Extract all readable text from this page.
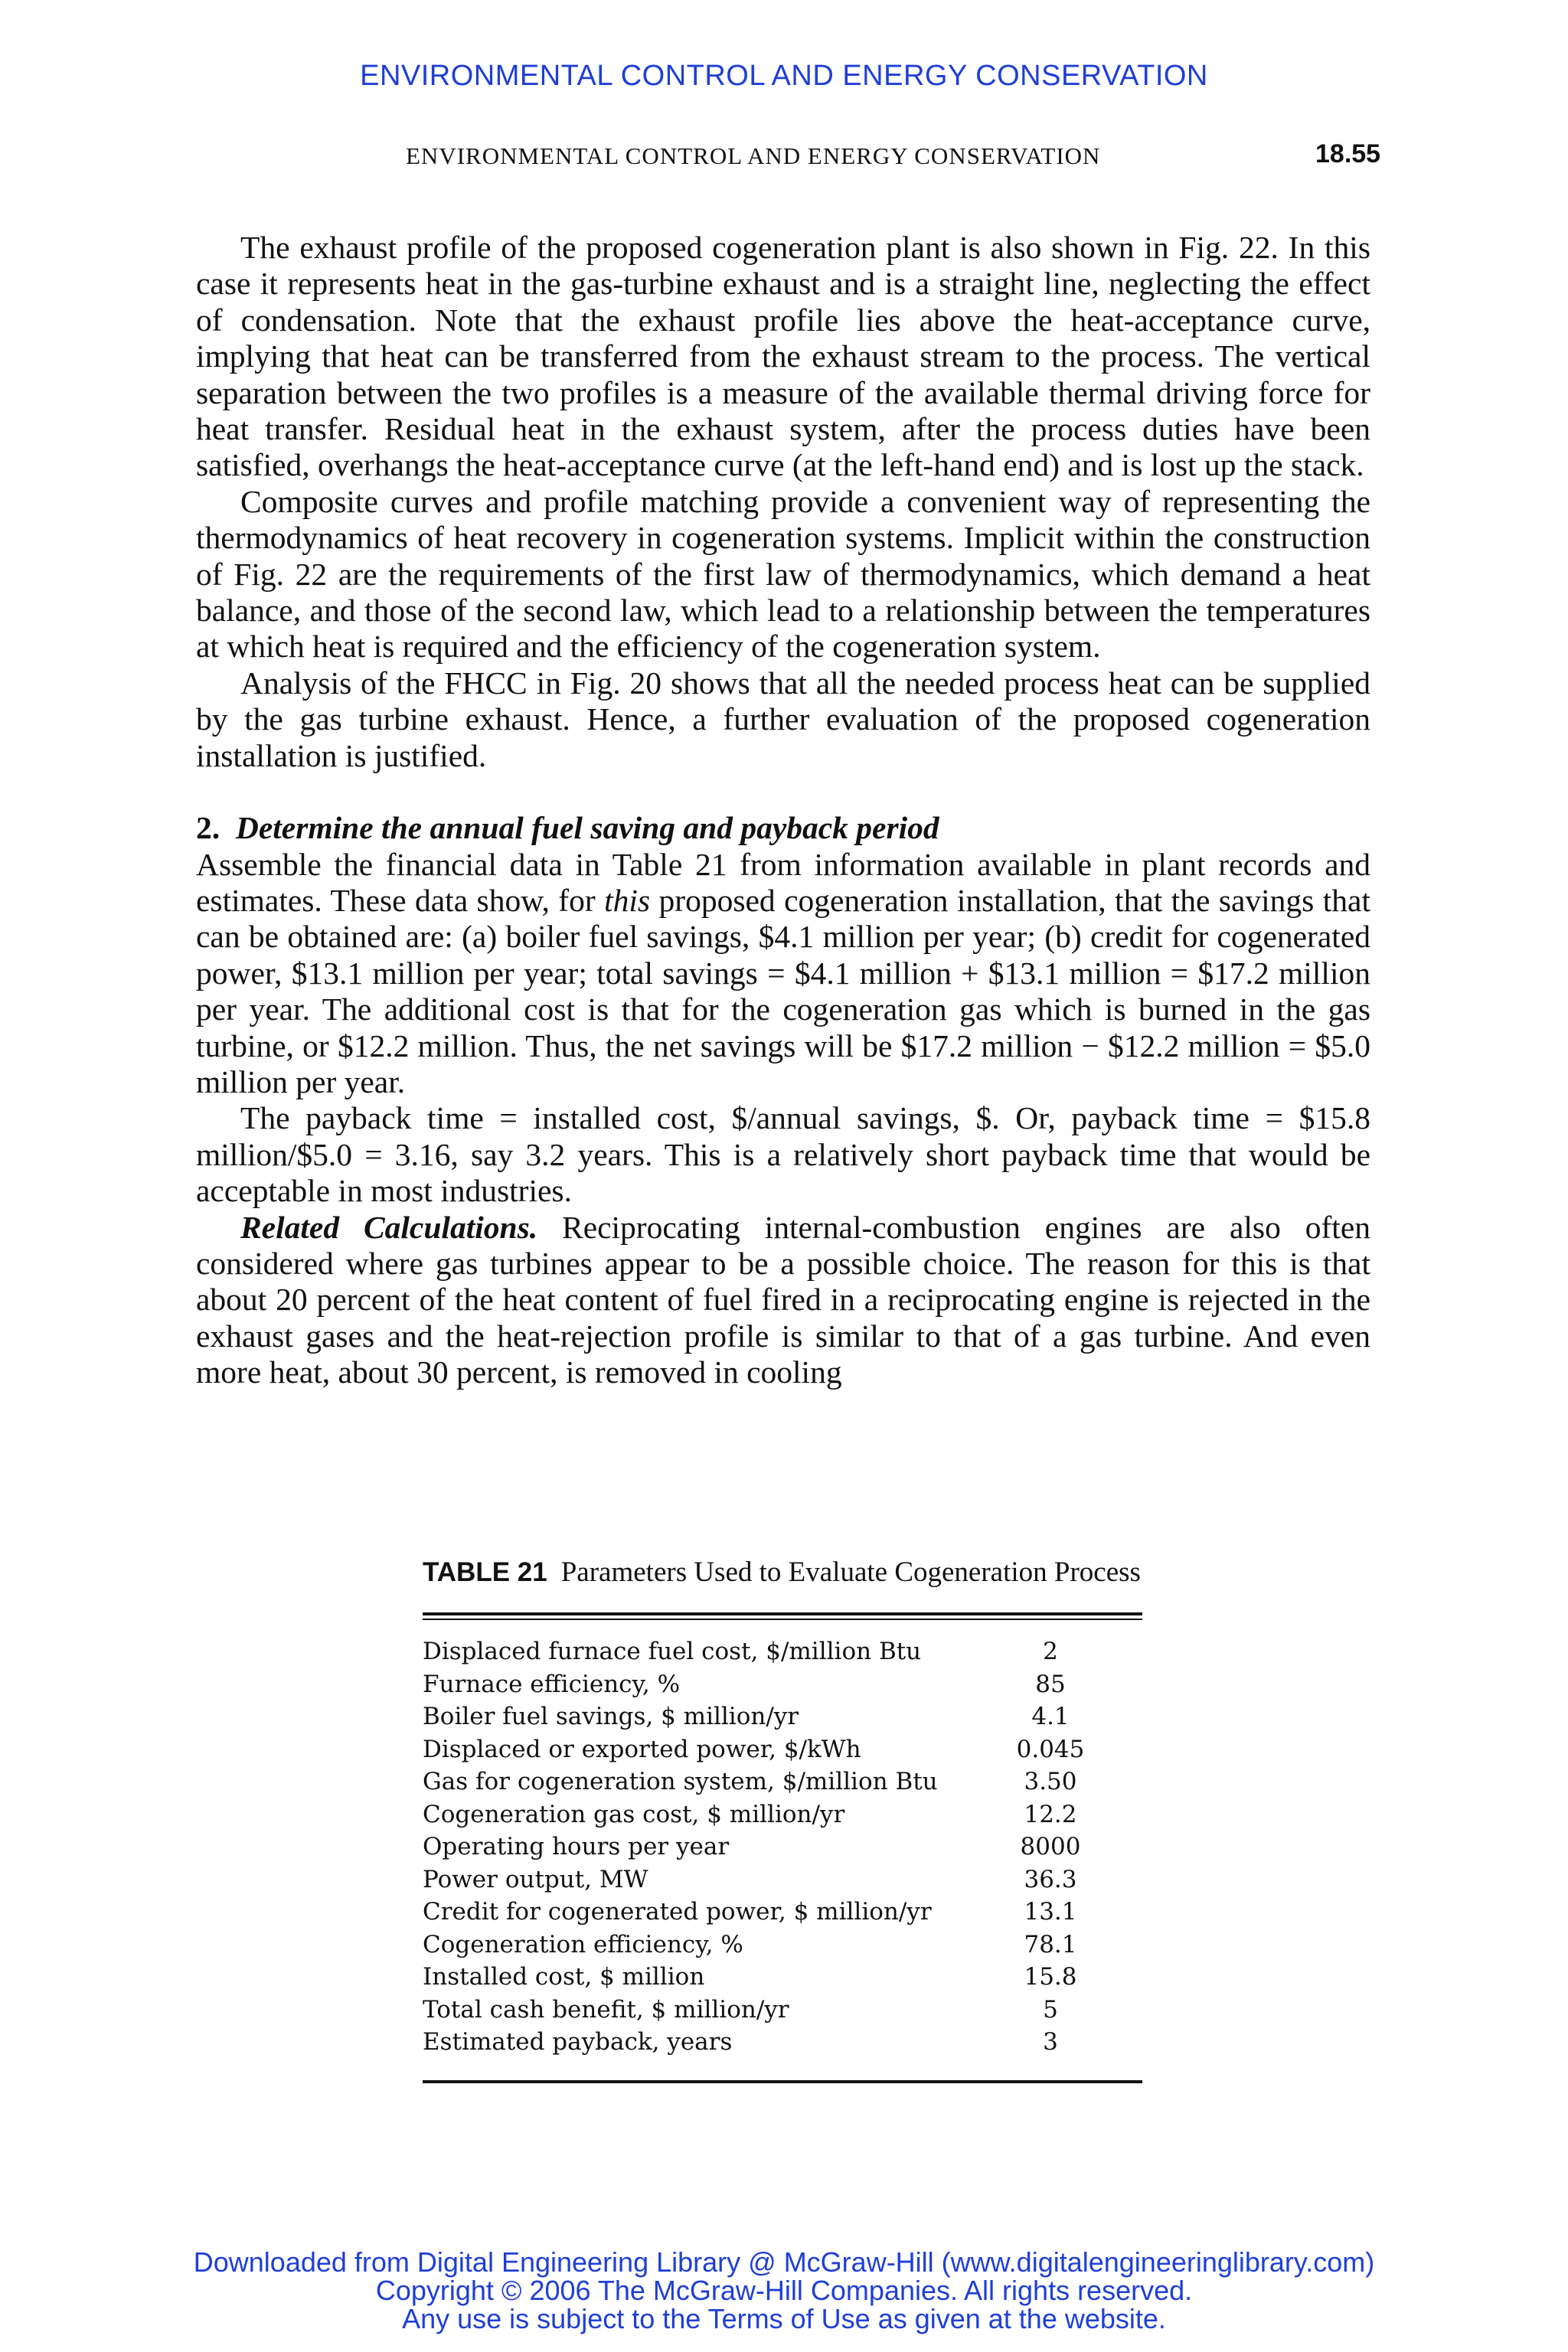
ENVIRONMENTAL CONTROL AND ENERGY CONSERVATION
ENVIRONMENTAL CONTROL AND ENERGY CONSERVATION	18.55

The exhaust profile of the proposed cogeneration plant is also shown in Fig. 22. In this case it represents heat in the gas-turbine exhaust and is a straight line, neglecting the effect of condensation. Note that the exhaust profile lies above the heat-acceptance curve, implying that heat can be transferred from the exhaust stream to the process. The vertical separation between the two profiles is a measure of the available thermal driving force for heat transfer. Residual heat in the exhaust system, after the process duties have been satisfied, overhangs the heat-acceptance curve (at the left-hand end) and is lost up the stack.

Composite curves and profile matching provide a convenient way of representing the thermodynamics of heat recovery in cogeneration systems. Implicit within the construction of Fig. 22 are the requirements of the first law of thermodynamics, which demand a heat balance, and those of the second law, which lead to a relationship between the temperatures at which heat is required and the efficiency of the cogeneration system.

Analysis of the FHCC in Fig. 20 shows that all the needed process heat can be supplied by the gas turbine exhaust. Hence, a further evaluation of the proposed cogeneration installation is justified.

2. Determine the annual fuel saving and payback period

Assemble the financial data in Table 21 from information available in plant records and estimates. These data show, for this proposed cogeneration installation, that the savings that can be obtained are: (a) boiler fuel savings, $4.1 million per year; (b) credit for cogenerated power, $13.1 million per year; total savings = $4.1 million + $13.1 million = $17.2 million per year. The additional cost is that for the cogeneration gas which is burned in the gas turbine, or $12.2 million. Thus, the net savings will be $17.2 million − $12.2 million = $5.0 million per year.

The payback time = installed cost, $/annual savings, $. Or, payback time = $15.8 million/$5.0 = 3.16, say 3.2 years. This is a relatively short payback time that would be acceptable in most industries.

Related Calculations. Reciprocating internal-combustion engines are also often considered where gas turbines appear to be a possible choice. The reason for this is that about 20 percent of the heat content of fuel fired in a reciprocating engine is rejected in the exhaust gases and the heat-rejection profile is similar to that of a gas turbine. And even more heat, about 30 percent, is removed in cooling

TABLE 21 Parameters Used to Evaluate Cogeneration Process
Displaced furnace fuel cost, $/million Btu	2
Furnace efficiency, %	85
Boiler fuel savings, $ million/yr	4.1
Displaced or exported power, $/kWh	0.045
Gas for cogeneration system, $/million Btu	3.50
Cogeneration gas cost, $ million/yr	12.2
Operating hours per year	8000
Power output, MW	36.3
Credit for cogenerated power, $ million/yr	13.1
Cogeneration efficiency, %	78.1
Installed cost, $ million	15.8
Total cash benefit, $ million/yr	5
Estimated payback, years	3
Downloaded from Digital Engineering Library @ McGraw-Hill (www.digitalengineeringlibrary.com)
Copyright © 2006 The McGraw-Hill Companies. All rights reserved.
Any use is subject to the Terms of Use as given at the website.
